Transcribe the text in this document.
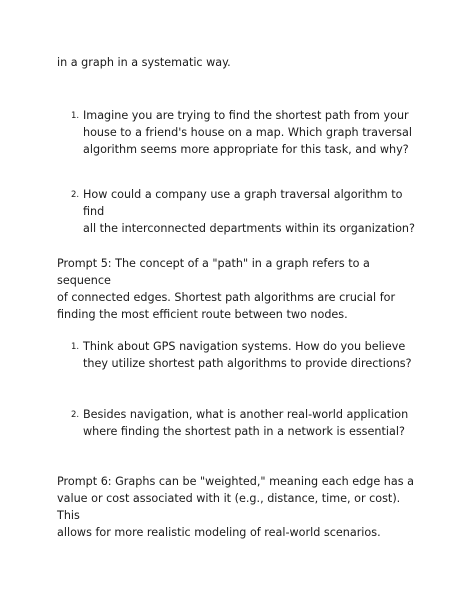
in a graph in a systematic way.

1. Imagine you are trying to find the shortest path from your
house to a friend's house on a map. Which graph traversal
algorithm seems more appropriate for this task, and why?
2. How could a company use a graph traversal algorithm to find
all the interconnected departments within its organization?

Prompt 5: The concept of a "path" in a graph refers to a sequence
of connected edges. Shortest path algorithms are crucial for
finding the most efficient route between two nodes.

1. Think about GPS navigation systems. How do you believe
they utilize shortest path algorithms to provide directions?
2. Besides navigation, what is another real-world application
where finding the shortest path in a network is essential?

Prompt 6: Graphs can be "weighted," meaning each edge has a
value or cost associated with it (e.g., distance, time, or cost). This
allows for more realistic modeling of real-world scenarios.
